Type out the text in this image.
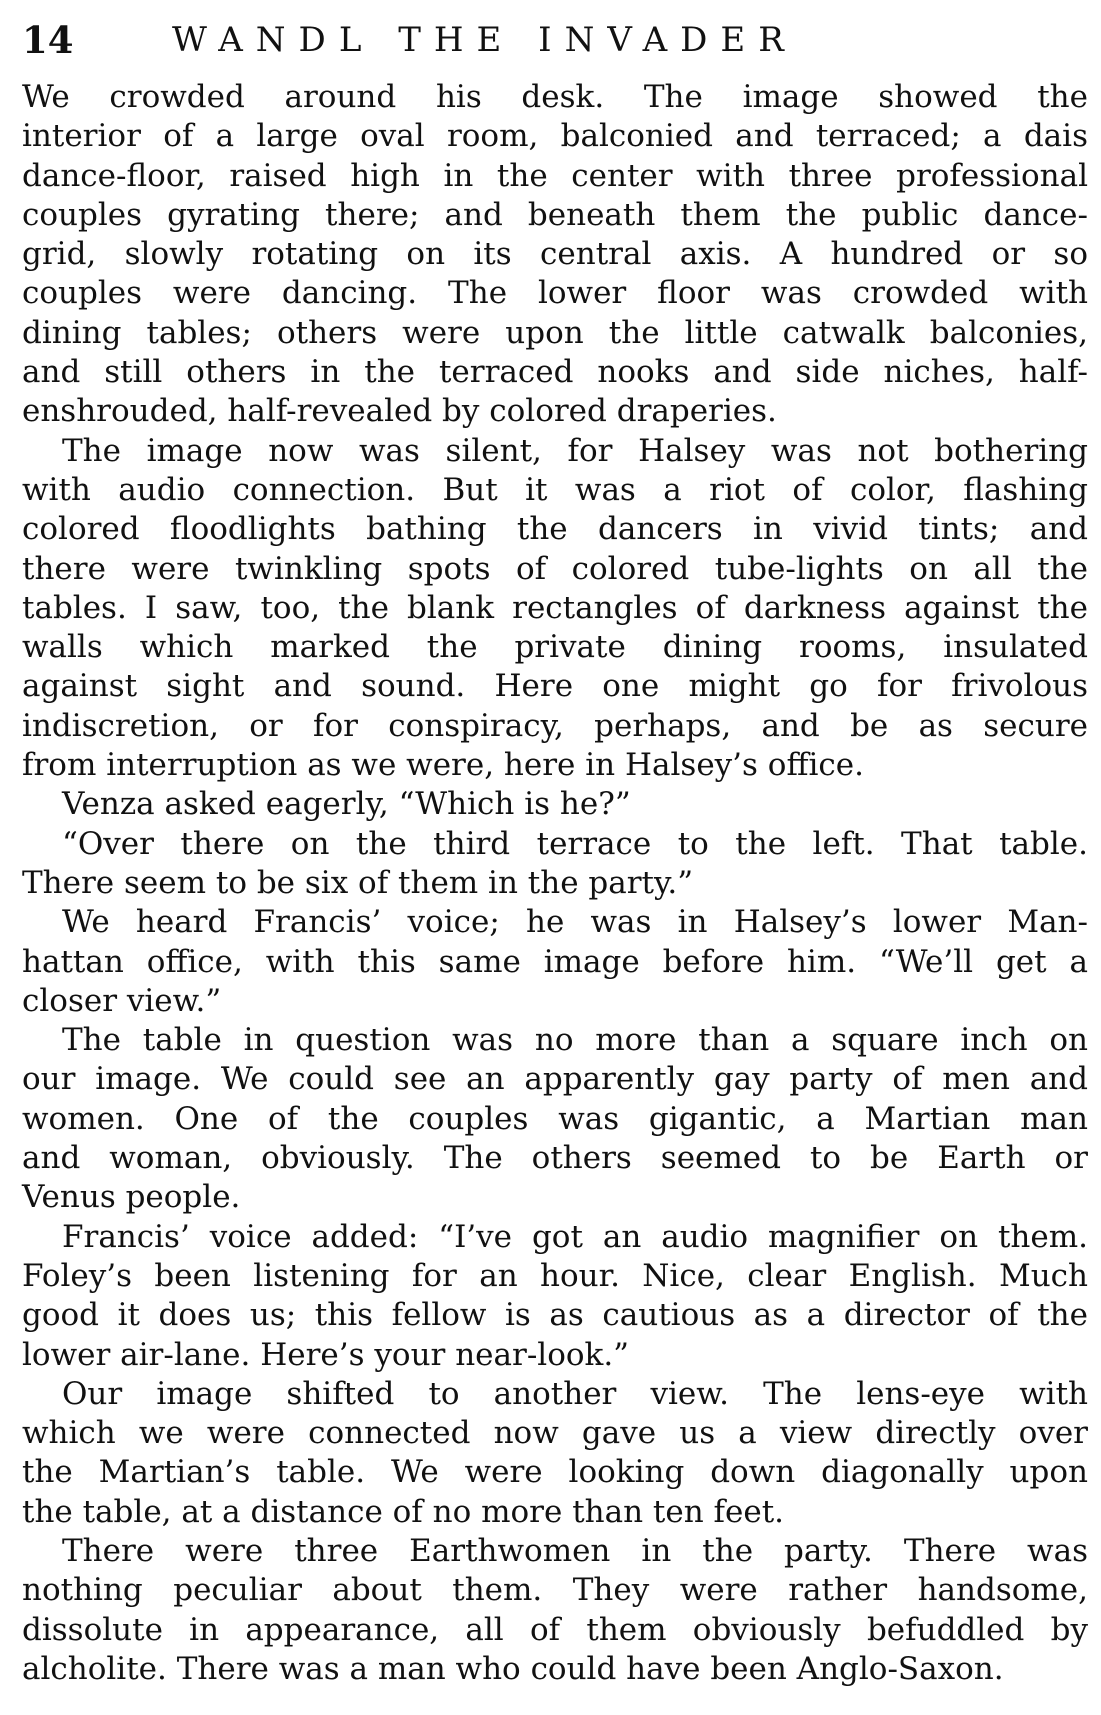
14	WANDL THE INVADER
We crowded around his desk. The image showed the
interior of a large oval room, balconied and terraced; a dais
dance-floor, raised high in the center with three professional
couples gyrating there; and beneath them the public dance-
grid, slowly rotating on its central axis. A hundred or so
couples were dancing. The lower floor was crowded with
dining tables; others were upon the little catwalk balconies,
and still others in the terraced nooks and side niches, half-
enshrouded, half-revealed by colored draperies.
The image now was silent, for Halsey was not bothering
with audio connection. But it was a riot of color, flashing
colored floodlights bathing the dancers in vivid tints; and
there were twinkling spots of colored tube-lights on all the
tables. I saw, too, the blank rectangles of darkness against the
walls which marked the private dining rooms, insulated
against sight and sound. Here one might go for frivolous
indiscretion, or for conspiracy, perhaps, and be as secure
from interruption as we were, here in Halsey’s office.
Venza asked eagerly, “Which is he?”
“Over there on the third terrace to the left. That table.
There seem to be six of them in the party.”
We heard Francis’ voice; he was in Halsey’s lower Man-
hattan office, with this same image before him. “We’ll get a
closer view.”
The table in question was no more than a square inch on
our image. We could see an apparently gay party of men and
women. One of the couples was gigantic, a Martian man
and woman, obviously. The others seemed to be Earth or
Venus people.
Francis’ voice added: “I’ve got an audio magnifier on them.
Foley’s been listening for an hour. Nice, clear English. Much
good it does us; this fellow is as cautious as a director of the
lower air-lane. Here’s your near-look.”
Our image shifted to another view. The lens-eye with
which we were connected now gave us a view directly over
the Martian’s table. We were looking down diagonally upon
the table, at a distance of no more than ten feet.
There were three Earthwomen in the party. There was
nothing peculiar about them. They were rather handsome,
dissolute in appearance, all of them obviously befuddled by
alcholite. There was a man who could have been Anglo-Saxon.
